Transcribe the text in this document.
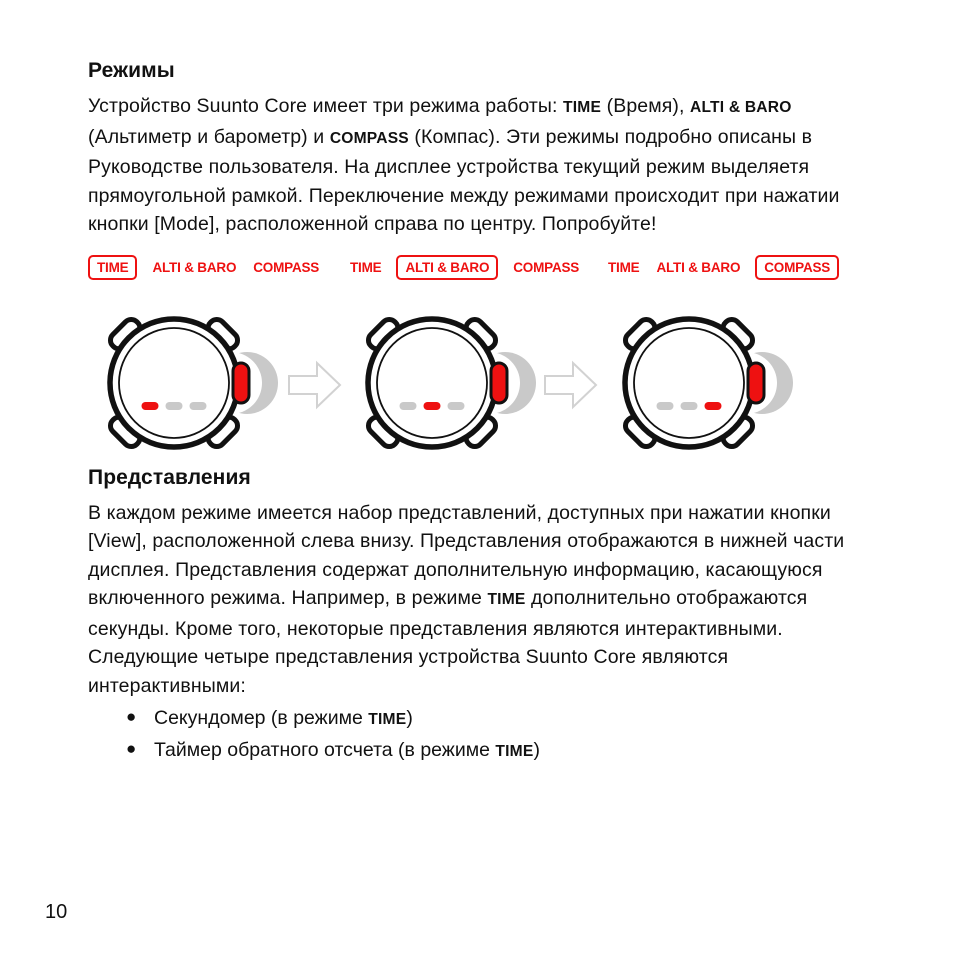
Режимы

Устройство Suunto Core имеет три режима работы: TIME (Время), ALTI & BARO (Альтиметр и барометр) и COMPASS (Компас). Эти режимы подробно описаны в Руководстве пользователя. На дисплее устройства текущий режим выделяетя прямоугольной рамкой. Переключение между режимами происходит при нажатии кнопки [Mode], расположенной справа по центру. Попробуйте!

TIME	ALTI & BARO COMPASS TIME	ALTI & BARO	COMPASS TIME ALTI & BARO	COMPASS
Представления

В каждом режиме имеется набор представлений, доступных при нажатии кнопки [View], расположенной слева внизу. Представления отображаются в нижней части дисплея. Представления содержат дополнительную информацию, касающуюся включенного режима. Например, в режиме TIME дополнительно отображаются секунды. Кроме того, некоторые представления являются интерактивными.

Следующие четыре представления устройства Suunto Core являются интерактивными:

● Секундомер (в режиме TIME)
● Таймер обратного отсчета (в режиме TIME)
10
